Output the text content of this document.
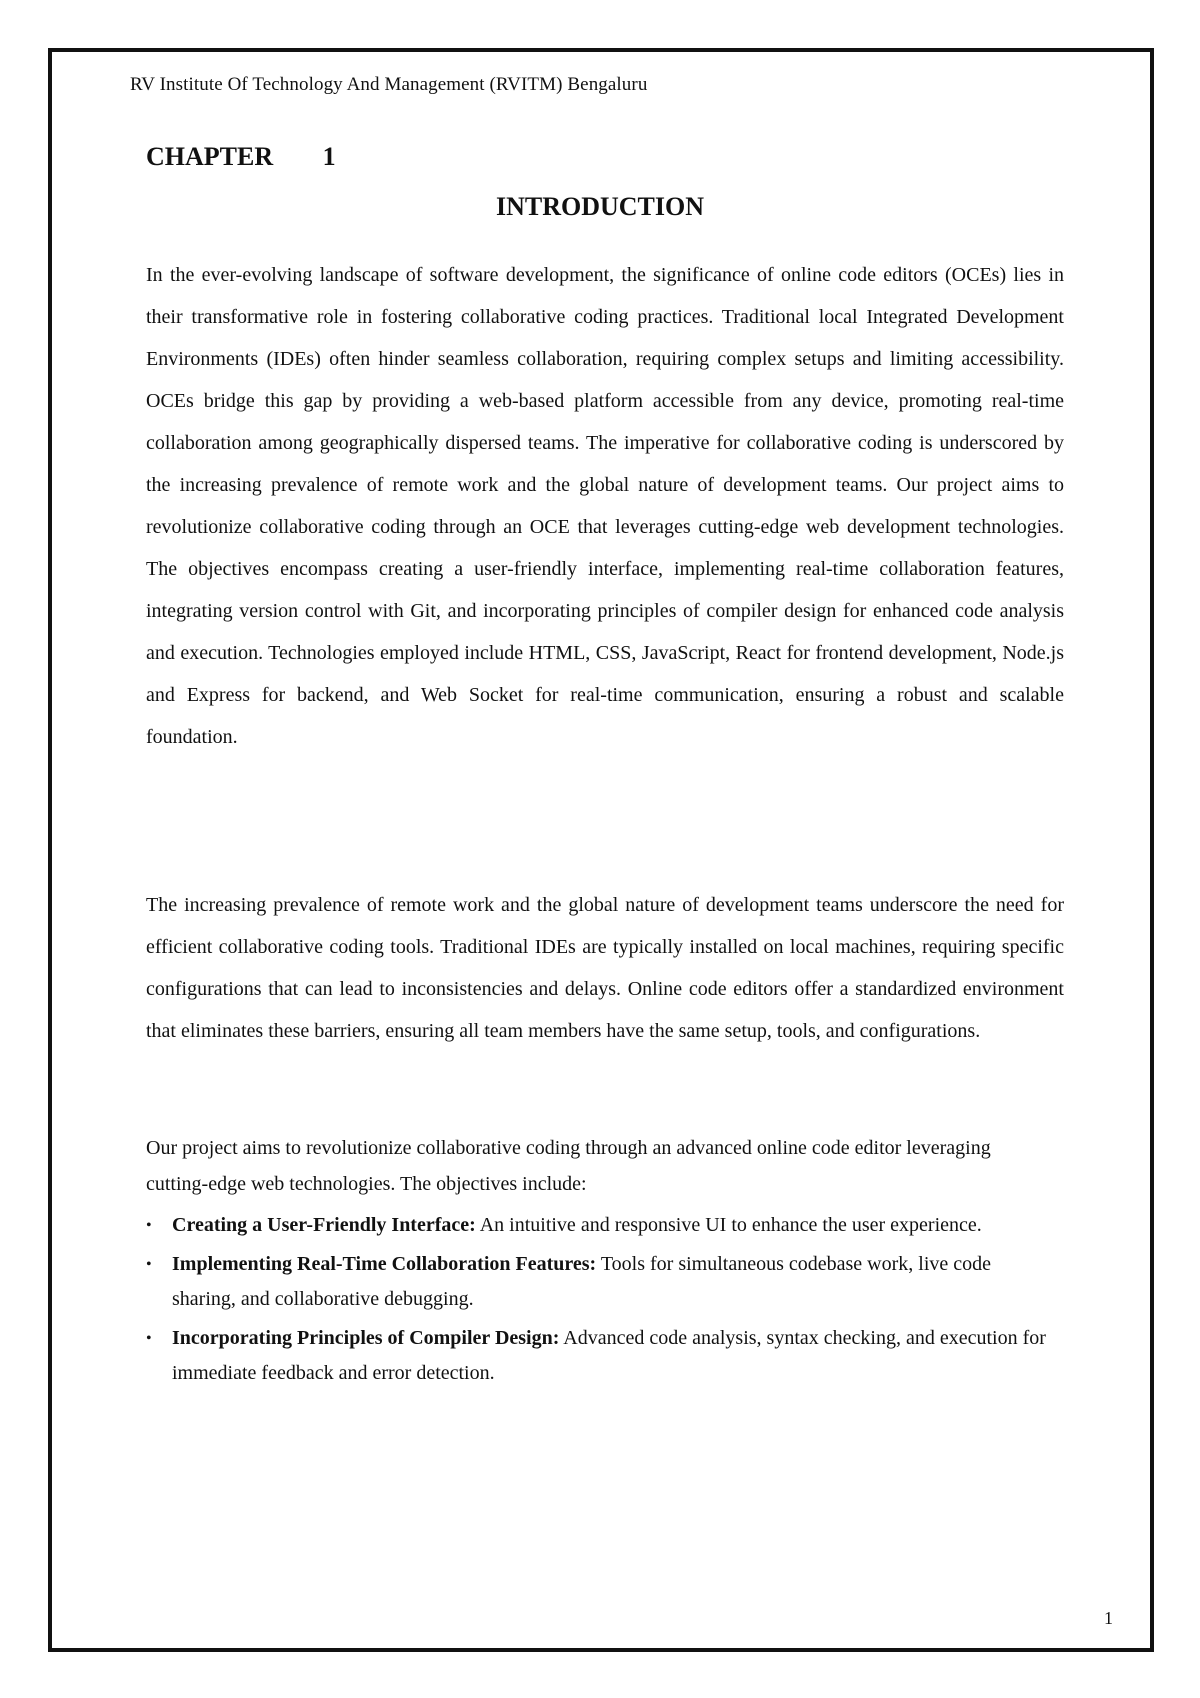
RV Institute Of Technology And Management (RVITM) Bengaluru
CHAPTER   1
INTRODUCTION

In the ever-evolving landscape of software development, the significance of online code editors (OCEs) lies in their transformative role in fostering collaborative coding practices. Traditional local Integrated Development Environments (IDEs) often hinder seamless collaboration, requiring complex setups and limiting accessibility. OCEs bridge this gap by providing a web-based platform accessible from any device, promoting real-time collaboration among geographically dispersed teams. The imperative for collaborative coding is underscored by the increasing prevalence of remote work and the global nature of development teams. Our project aims to revolutionize collaborative coding through an OCE that leverages cutting-edge web development technologies. The objectives encompass creating a user-friendly interface, implementing real-time collaboration features, integrating version control with Git, and incorporating principles of compiler design for enhanced code analysis and execution. Technologies employed include HTML, CSS, JavaScript, React for frontend development, Node.js and Express for backend, and Web Socket for real-time communication, ensuring a robust and scalable foundation.

The increasing prevalence of remote work and the global nature of development teams underscore the need for efficient collaborative coding tools. Traditional IDEs are typically installed on local machines, requiring specific configurations that can lead to inconsistencies and delays. Online code editors offer a standardized environment that eliminates these barriers, ensuring all team members have the same setup, tools, and configurations.

Our project aims to revolutionize collaborative coding through an advanced online code editor leveraging cutting-edge web technologies. The objectives include:

• Creating a User-Friendly Interface: An intuitive and responsive UI to enhance the user experience.
• Implementing Real-Time Collaboration Features: Tools for simultaneous codebase work, live code sharing, and collaborative debugging.
• Incorporating Principles of Compiler Design: Advanced code analysis, syntax checking, and execution for immediate feedback and error detection.
1
